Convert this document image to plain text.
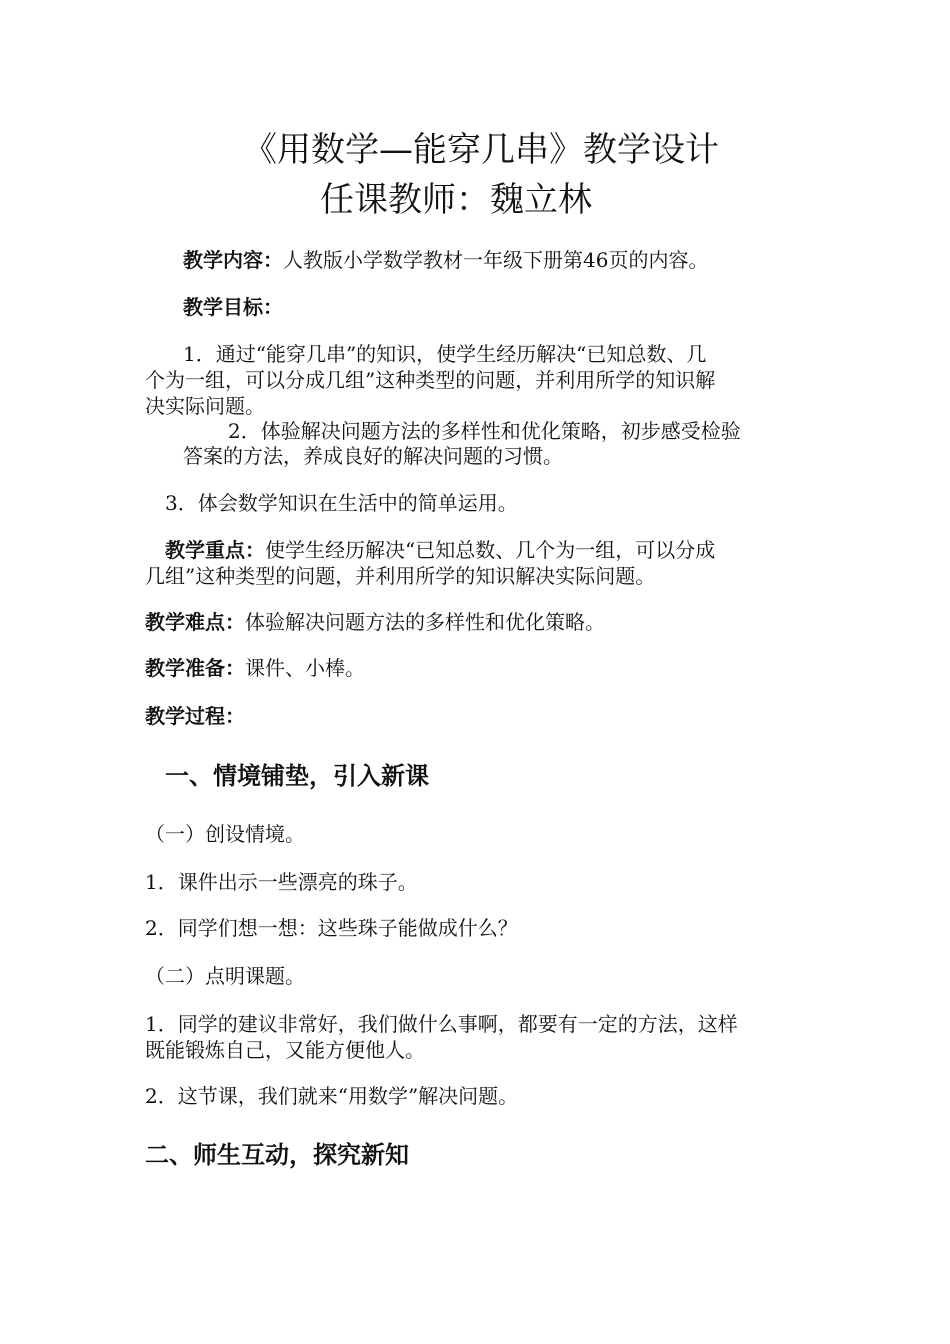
《用数学—能穿几串》教学设计
任课教师：魏立林
教学内容：人教版小学数学教材一年级下册第46页的内容。
教学目标：
1．通过“能穿几串”的知识，使学生经历解决“已知总数、几
个为一组，可以分成几组”这种类型的问题，并利用所学的知识解
决实际问题。
2．体验解决问题方法的多样性和优化策略，初步感受检验
答案的方法，养成良好的解决问题的习惯。
3．体会数学知识在生活中的简单运用。
教学重点：使学生经历解决“已知总数、几个为一组，可以分成
几组”这种类型的问题，并利用所学的知识解决实际问题。
教学难点：体验解决问题方法的多样性和优化策略。
教学准备：课件、小棒。
教学过程：
一、情境铺垫，引入新课
（一）创设情境。
1．课件出示一些漂亮的珠子。
2．同学们想一想：这些珠子能做成什么？
（二）点明课题。
1．同学的建议非常好，我们做什么事啊，都要有一定的方法，这样
既能锻炼自己，又能方便他人。
2．这节课，我们就来“用数学”解决问题。
二、师生互动，探究新知
